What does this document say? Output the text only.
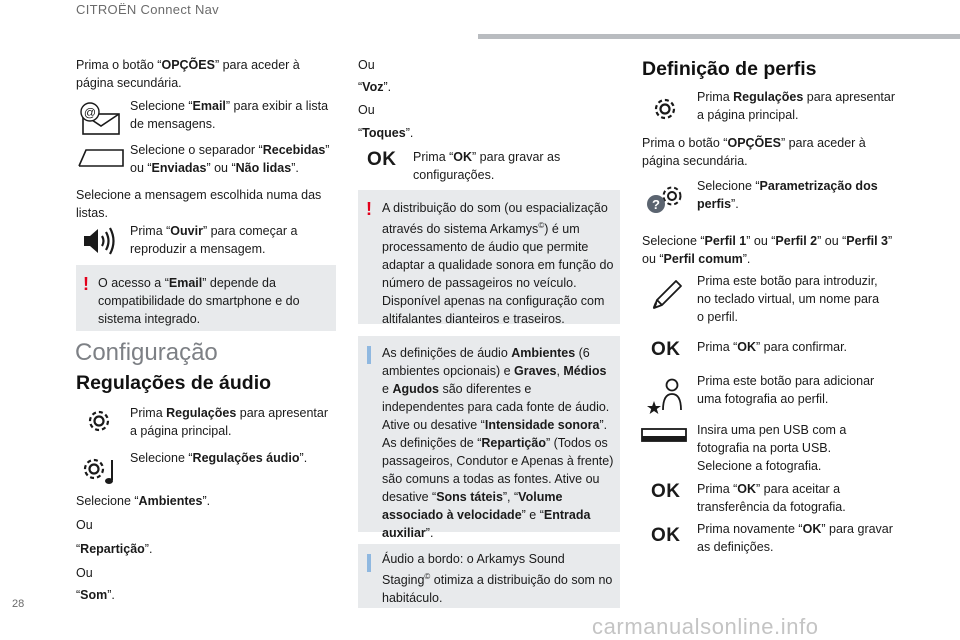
CITROËN Connect Nav

Prima o botão “OPÇÕES” para aceder à página secundária.

@	Selecione “Email” para exibir a lista de mensagens.

Selecione o separador “Recebidas” ou “Enviadas” ou “Não lidas”.

Selecione a mensagem escolhida numa das listas.

Prima “Ouvir” para começar a reproduzir a mensagem.

! O acesso a “Email” depende da compatibilidade do smartphone e do sistema integrado.

Configuração
Regulações de áudio

Prima Regulações para apresentar a página principal.

Selecione “Regulações áudio”.

Selecione “Ambientes”.

Ou

“Repartição”.

Ou

“Som”.

Ou

“Voz”.

Ou

“Toques”.

OK Prima “OK” para gravar as configurações.

! A distribuição do som (ou espacialização através do sistema Arkamys©) é um processamento de áudio que permite adaptar a qualidade sonora em função do número de passageiros no veículo. Disponível apenas na configuração com altifalantes dianteiros e traseiros.

As definições de áudio Ambientes (6 ambientes opcionais) e Graves, Médios e Agudos são diferentes e independentes para cada fonte de áudio. Ative ou desative “Intensidade sonora”. As definições de “Repartição” (Todos os passageiros, Condutor e Apenas à frente) são comuns a todas as fontes. Ative ou desative “Sons táteis”, “Volume associado à velocidade” e “Entrada auxiliar”.

Áudio a bordo: o Arkamys Sound Staging© otimiza a distribuição do som no habitáculo.

Definição de perfis

Prima Regulações para apresentar a página principal.

Prima o botão “OPÇÕES” para aceder à página secundária.

?

Selecione “Parametrização dos perfis”.

Selecione “Perfil 1” ou “Perfil 2” ou “Perfil 3” ou “Perfil comum”.

Prima este botão para introduzir, no teclado virtual, um nome para o perfil.

OK Prima “OK” para confirmar.

Prima este botão para adicionar uma fotografia ao perfil.

Insira uma pen USB com a fotografia na porta USB. Selecione a fotografia.

OK Prima “OK” para aceitar a transferência da fotografia.

OK Prima novamente “OK” para gravar as definições.

28
carmanualsonline.info
